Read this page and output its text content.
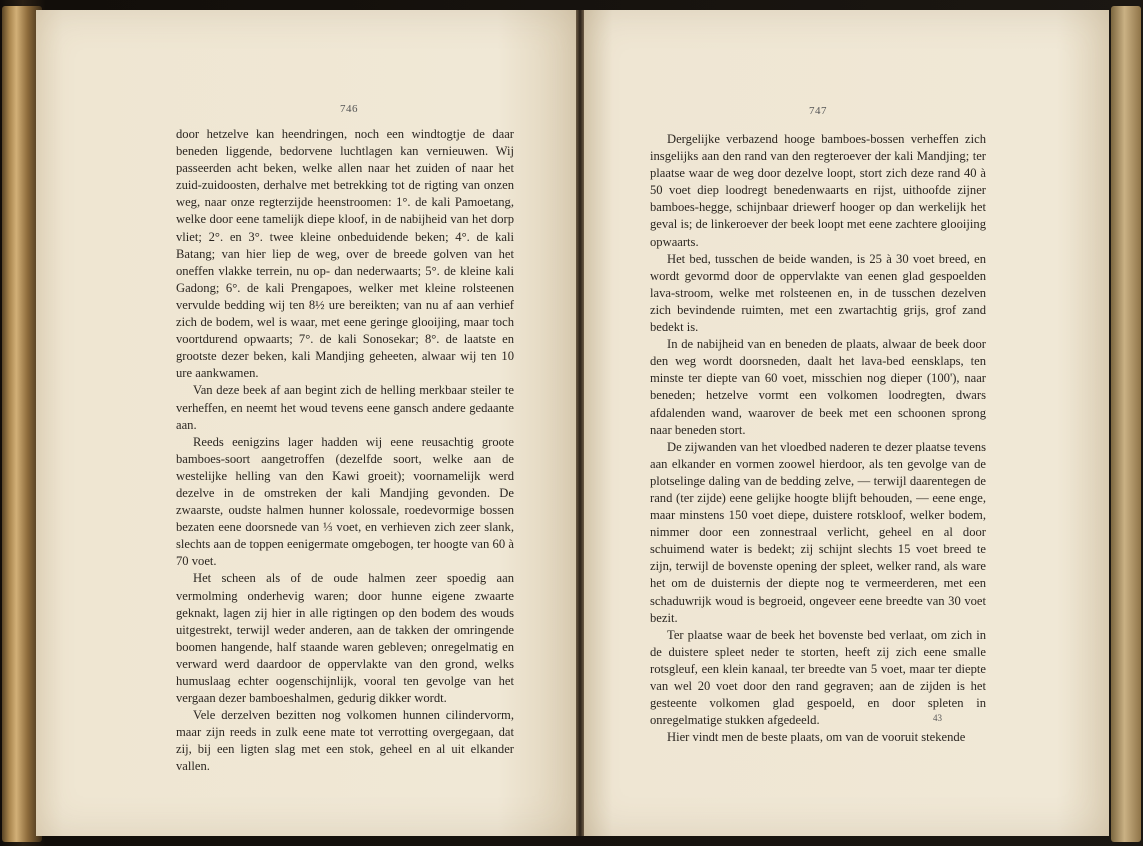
746

door hetzelve kan heendringen, noch een windtogtje de daar beneden liggende, bedorvene luchtlagen kan vernieuwen. Wij passeerden acht beken, welke allen naar het zuiden of naar het zuid-zuidoosten, derhalve met betrekking tot de rigting van onzen weg, naar onze regterzijde heenstroomen: 1°. de kali Pamoetang, welke door eene tamelijk diepe kloof, in de nabijheid van het dorp vliet; 2°. en 3°. twee kleine onbeduidende beken; 4°. de kali Batang; van hier liep de weg, over de breede golven van het oneffen vlakke terrein, nu op- dan nederwaarts; 5°. de kleine kali Gadong; 6°. de kali Prengapoes, welker met kleine rolsteenen vervulde bedding wij ten 8½ ure bereikten; van nu af aan verhief zich de bodem, wel is waar, met eene geringe glooijing, maar toch voortdurend opwaarts; 7°. de kali Sonosekar; 8°. de laatste en grootste dezer beken, kali Mandjing geheeten, alwaar wij ten 10 ure aankwamen.

Van deze beek af aan begint zich de helling merkbaar steiler te verheffen, en neemt het woud tevens eene gansch andere gedaante aan.

Reeds eenigzins lager hadden wij eene reusachtig groote bamboes-soort aangetroffen (dezelfde soort, welke aan de westelijke helling van den Kawi groeit); voornamelijk werd dezelve in de omstreken der kali Mandjing gevonden. De zwaarste, oudste halmen hunner kolossale, roedevormige bossen bezaten eene doorsnede van ⅓ voet, en verhieven zich zeer slank, slechts aan de toppen eenigermate omgebogen, ter hoogte van 60 à 70 voet.

Het scheen als of de oude halmen zeer spoedig aan vermolming onderhevig waren; door hunne eigene zwaarte geknakt, lagen zij hier in alle rigtingen op den bodem des wouds uitgestrekt, terwijl weder anderen, aan de takken der omringende boomen hangende, half staande waren gebleven; onregelmatig en verward werd daardoor de oppervlakte van den grond, welks humuslaag echter oogenschijnlijk, vooral ten gevolge van het vergaan dezer bamboeshalmen, gedurig dikker wordt.

Vele derzelven bezitten nog volkomen hunnen cilindervorm, maar zijn reeds in zulk eene mate tot verrotting overgegaan, dat zij, bij een ligten slag met een stok, geheel en al uit elkander vallen.

747

Dergelijke verbazend hooge bamboes-bossen verheffen zich insgelijks aan den rand van den regteroever der kali Mandjing; ter plaatse waar de weg door dezelve loopt, stort zich deze rand 40 à 50 voet diep loodregt benedenwaarts en rijst, uithoofde zijner bamboes-hegge, schijnbaar driewerf hooger op dan werkelijk het geval is; de linkeroever der beek loopt met eene zachtere glooijing opwaarts.

Het bed, tusschen de beide wanden, is 25 à 30 voet breed, en wordt gevormd door de oppervlakte van eenen glad gespoelden lava-stroom, welke met rolsteenen en, in de tusschen dezelven zich bevindende ruimten, met een zwartachtig grijs, grof zand bedekt is.

In de nabijheid van en beneden de plaats, alwaar de beek door den weg wordt doorsneden, daalt het lava-bed eensklaps, ten minste ter diepte van 60 voet, misschien nog dieper (100'), naar beneden; hetzelve vormt een volkomen loodregten, dwars afdalenden wand, waarover de beek met een schoonen sprong naar beneden stort.

De zijwanden van het vloedbed naderen te dezer plaatse tevens aan elkander en vormen zoowel hierdoor, als ten gevolge van de plotselinge daling van de bedding zelve, — terwijl daarentegen de rand (ter zijde) eene gelijke hoogte blijft behouden, — eene enge, maar minstens 150 voet diepe, duistere rotskloof, welker bodem, nimmer door een zonnestraal verlicht, geheel en al door schuimend water is bedekt; zij schijnt slechts 15 voet breed te zijn, terwijl de bovenste opening der spleet, welker rand, als ware het om de duisternis der diepte nog te vermeerderen, met een schaduwrijk woud is begroeid, ongeveer eene breedte van 30 voet bezit.

Ter plaatse waar de beek het bovenste bed verlaat, om zich in de duistere spleet neder te storten, heeft zij zich eene smalle rotsgleuf, een klein kanaal, ter breedte van 5 voet, maar ter diepte van wel 20 voet door den rand gegraven; aan de zijden is het gesteente volkomen glad gespoeld, en door spleten in onregelmatige stukken afgedeeld.

Hier vindt men de beste plaats, om van de vooruit stekende

43
